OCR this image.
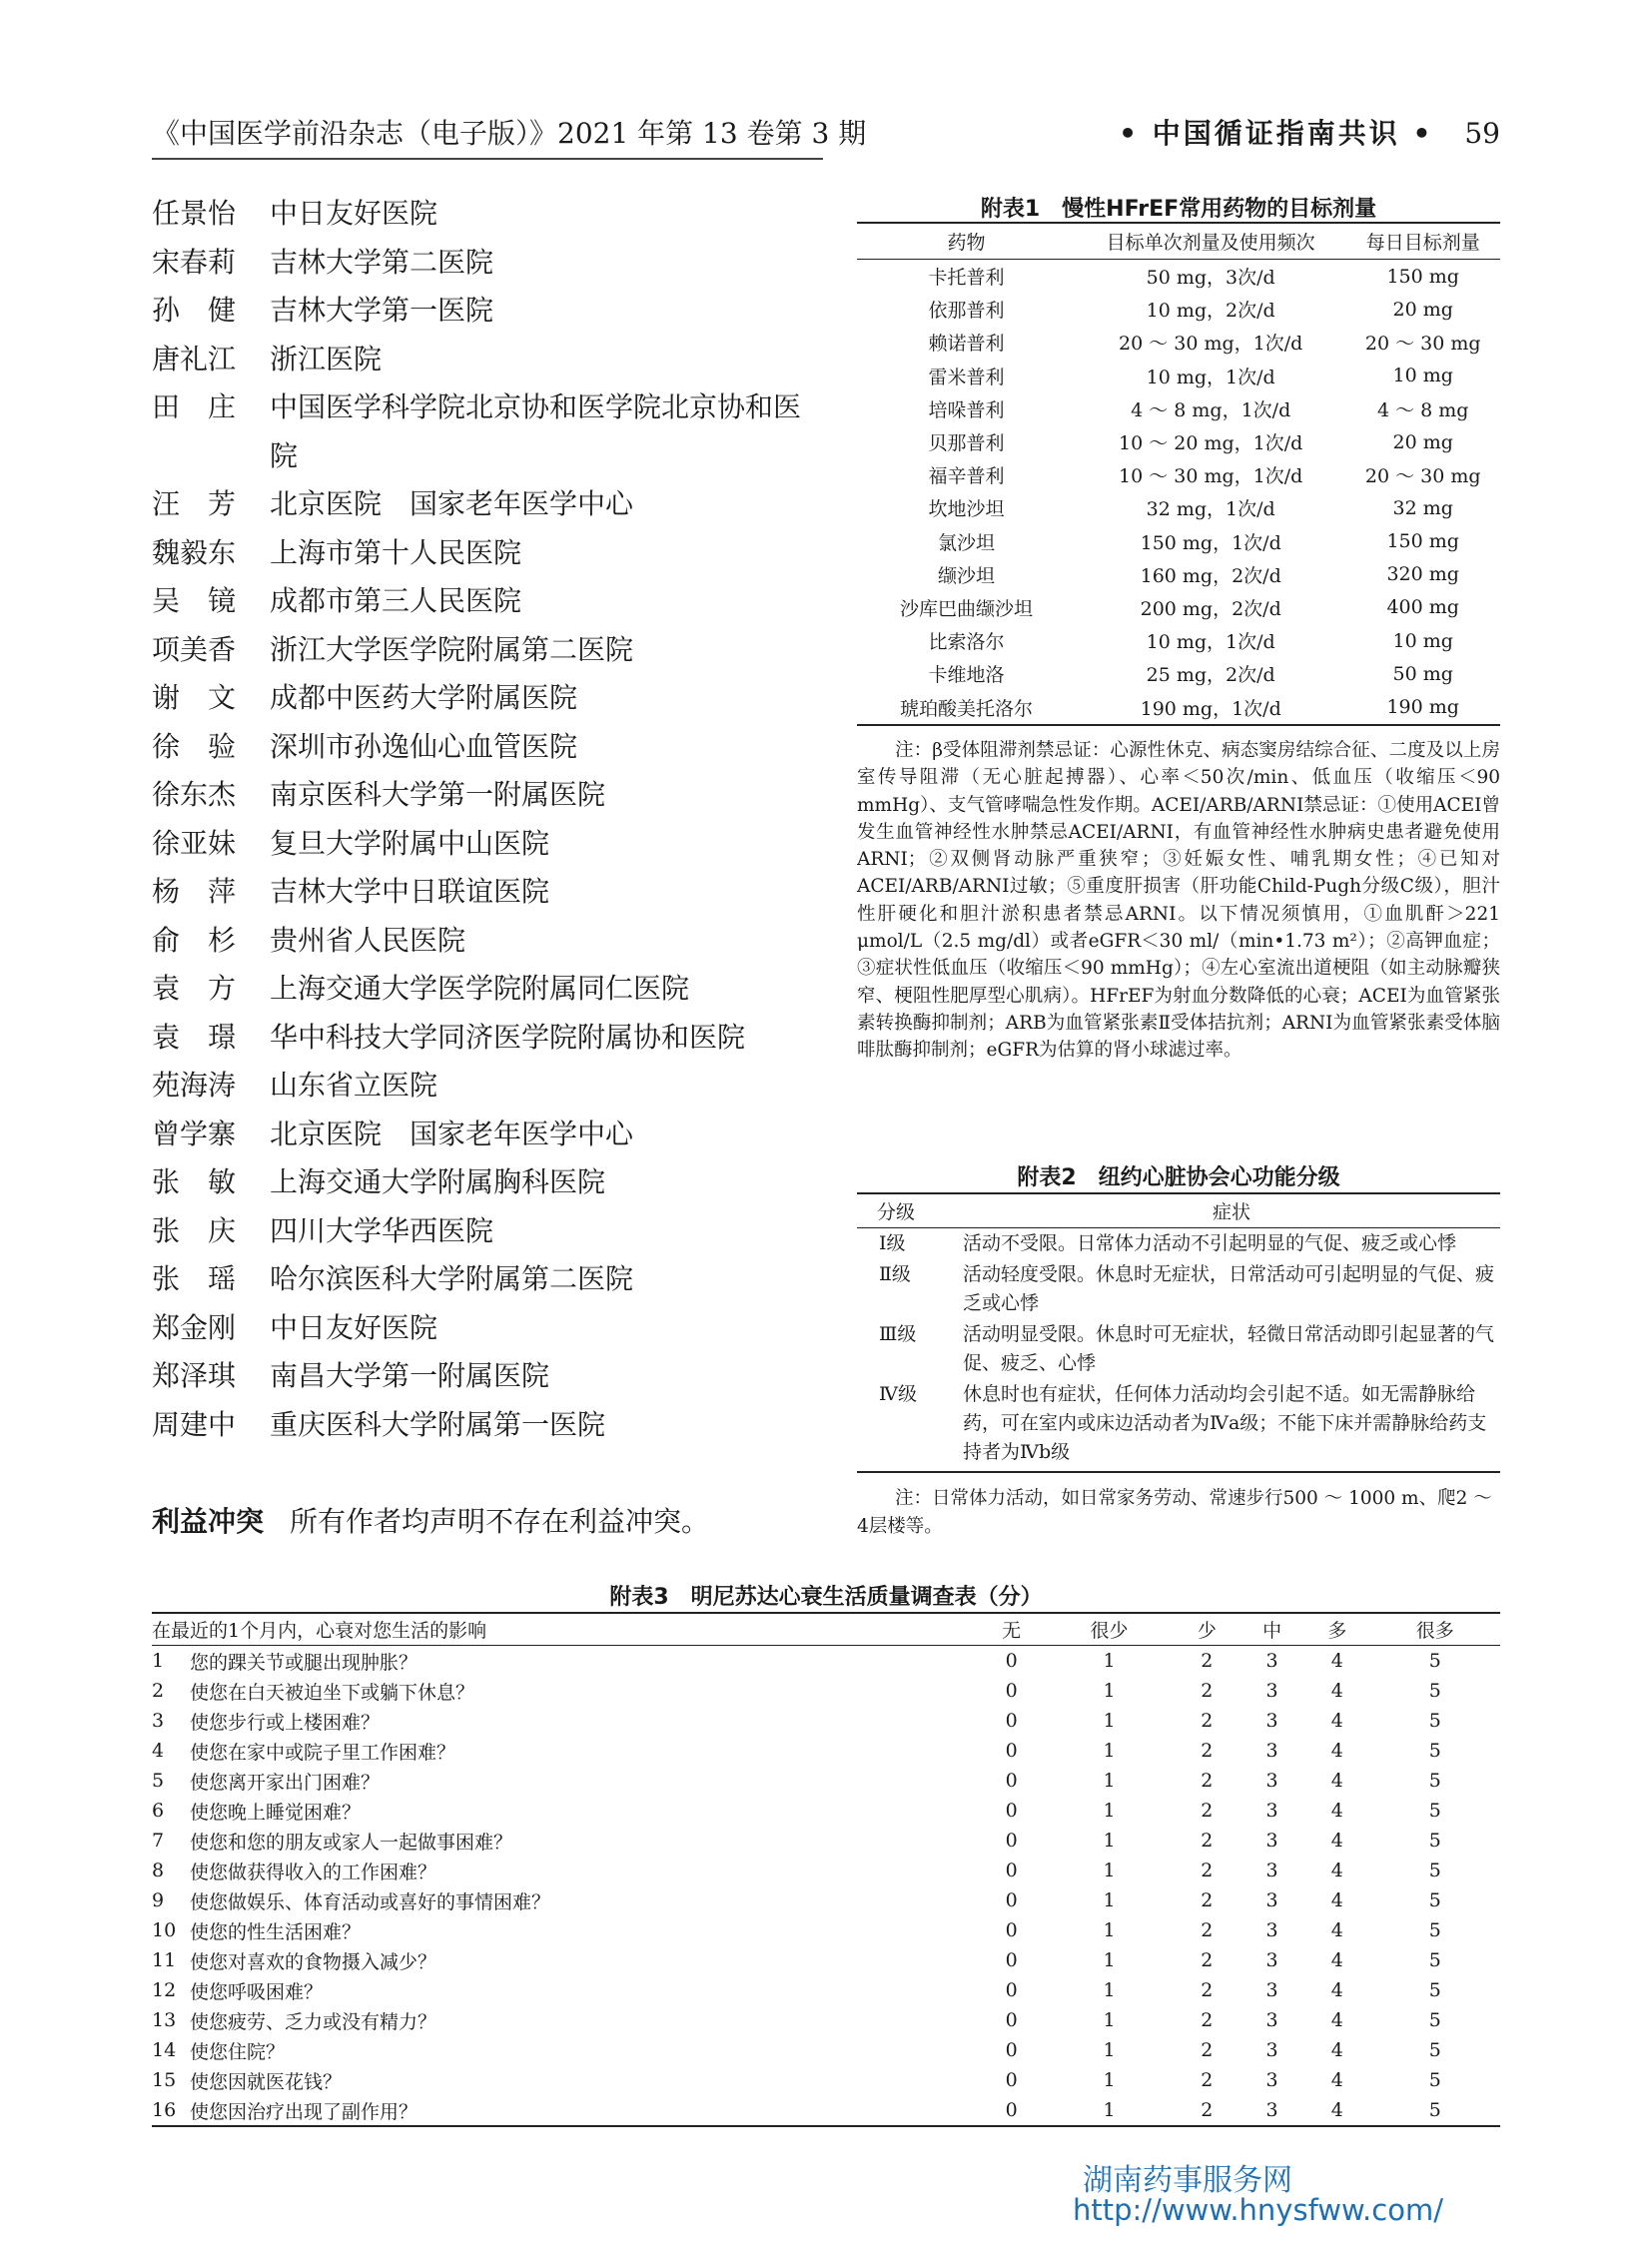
《中国医学前沿杂志（电子版）》2021 年第 13 卷第 3 期	• 中国循证指南共识 • 59
任景怡	中日友好医院
宋春莉	吉林大学第二医院
孙　健	吉林大学第一医院
唐礼江	浙江医院
田　庄	中国医学科学院北京协和医学院北京协和医院
汪　芳	北京医院　国家老年医学中心
魏毅东	上海市第十人民医院
吴　镜	成都市第三人民医院
项美香	浙江大学医学院附属第二医院
谢　文	成都中医药大学附属医院
徐　验	深圳市孙逸仙心血管医院
徐东杰	南京医科大学第一附属医院
徐亚妹	复旦大学附属中山医院
杨　萍	吉林大学中日联谊医院
俞　杉	贵州省人民医院
袁　方	上海交通大学医学院附属同仁医院
袁　璟	华中科技大学同济医学院附属协和医院
苑海涛	山东省立医院
曾学寨	北京医院　国家老年医学中心
张　敏	上海交通大学附属胸科医院
张　庆	四川大学华西医院
张　瑶	哈尔滨医科大学附属第二医院
郑金刚	中日友好医院
郑泽琪	南昌大学第一附属医院
周建中	重庆医科大学附属第一医院
利益冲突 所有作者均声明不存在利益冲突。
附表1　慢性HFrEF常用药物的目标剂量
药物	目标单次剂量及使用频次	每日目标剂量
卡托普利	50 mg，3次/d	150 mg
依那普利	10 mg，2次/d	20 mg
赖诺普利	20 ～ 30 mg，1次/d	20 ～ 30 mg
雷米普利	10 mg，1次/d	10 mg
培哚普利	4 ～ 8 mg，1次/d	4 ～ 8 mg
贝那普利	10 ～ 20 mg，1次/d	20 mg
福辛普利	10 ～ 30 mg，1次/d	20 ～ 30 mg
坎地沙坦	32 mg，1次/d	32 mg
氯沙坦	150 mg，1次/d	150 mg
缬沙坦	160 mg，2次/d	320 mg
沙库巴曲缬沙坦	200 mg，2次/d	400 mg
比索洛尔	10 mg，1次/d	10 mg
卡维地洛	25 mg，2次/d	50 mg
琥珀酸美托洛尔	190 mg，1次/d	190 mg
注：β受体阻滞剂禁忌证：心源性休克、病态窦房结综合征、二度及以上房室传导阻滞（无心脏起搏器）、心率＜50次/min、低血压（收缩压＜90 mmHg）、支气管哮喘急性发作期。ACEI/ARB/ARNI禁忌证：①使用ACEI曾发生血管神经性水肿禁忌ACEI/ARNI，有血管神经性水肿病史患者避免使用ARNI；②双侧肾动脉严重狭窄；③妊娠女性、哺乳期女性；④已知对ACEI/ARB/ARNI过敏；⑤重度肝损害（肝功能Child-Pugh分级C级），胆汁性肝硬化和胆汁淤积患者禁忌ARNI。以下情况须慎用，①血肌酐＞221 μmol/L（2.5 mg/dl）或者eGFR＜30 ml/（min•1.73 m²）；②高钾血症；③症状性低血压（收缩压＜90 mmHg）；④左心室流出道梗阻（如主动脉瓣狭窄、梗阻性肥厚型心肌病）。HFrEF为射血分数降低的心衰；ACEI为血管紧张素转换酶抑制剂；ARB为血管紧张素Ⅱ受体拮抗剂；ARNI为血管紧张素受体脑啡肽酶抑制剂；eGFR为估算的肾小球滤过率。
附表2　纽约心脏协会心功能分级
分级	症状
Ⅰ级	活动不受限。日常体力活动不引起明显的气促、疲乏或心悸
Ⅱ级	活动轻度受限。休息时无症状，日常活动可引起明显的气促、疲乏或心悸
Ⅲ级	活动明显受限。休息时可无症状，轻微日常活动即引起显著的气促、疲乏、心悸
Ⅳ级	休息时也有症状，任何体力活动均会引起不适。如无需静脉给药，可在室内或床边活动者为Ⅳa级；不能下床并需静脉给药支持者为Ⅳb级
注：日常体力活动，如日常家务劳动、常速步行500 ～ 1000 m、爬2 ～ 4层楼等。
附表3　明尼苏达心衰生活质量调查表（分）
在最近的1个月内，心衰对您生活的影响		无	很少	少	中	多	很多
1	您的踝关节或腿出现肿胀？	0	1	2	3	4	5
2	使您在白天被迫坐下或躺下休息？	0	1	2	3	4	5
3	使您步行或上楼困难？	0	1	2	3	4	5
4	使您在家中或院子里工作困难？	0	1	2	3	4	5
5	使您离开家出门困难？	0	1	2	3	4	5
6	使您晚上睡觉困难？	0	1	2	3	4	5
7	使您和您的朋友或家人一起做事困难？	0	1	2	3	4	5
8	使您做获得收入的工作困难？	0	1	2	3	4	5
9	使您做娱乐、体育活动或喜好的事情困难？	0	1	2	3	4	5
10	使您的性生活困难？	0	1	2	3	4	5
11	使您对喜欢的食物摄入减少？	0	1	2	3	4	5
12	使您呼吸困难？	0	1	2	3	4	5
13	使您疲劳、乏力或没有精力？	0	1	2	3	4	5
14	使您住院？	0	1	2	3	4	5
15	使您因就医花钱？	0	1	2	3	4	5
16	使您因治疗出现了副作用？	0	1	2	3	4	5
湖南药事服务网
http://www.hnysfww.com/
